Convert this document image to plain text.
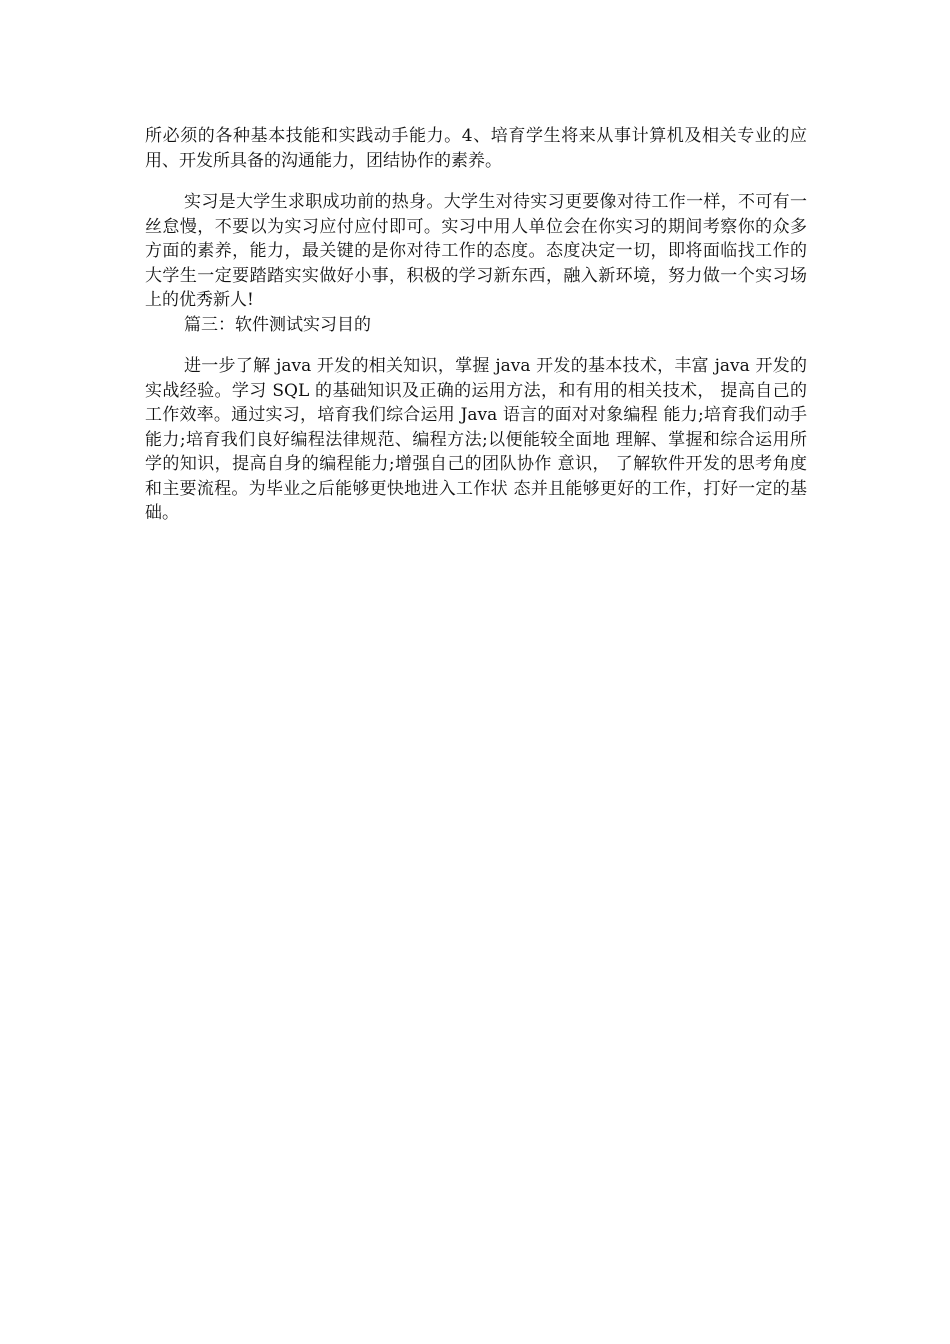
所必须的各种基本技能和实践动手能力。4、培育学生将来从事计算机及相关专业的应用、开发所具备的沟通能力，团结协作的素养。

实习是大学生求职成功前的热身。大学生对待实习更要像对待工作一样，不可有一丝怠慢，不要以为实习应付应付即可。实习中用人单位会在你实习的期间考察你的众多方面的素养，能力，最关键的是你对待工作的态度。态度决定一切，即将面临找工作的大学生一定要踏踏实实做好小事，积极的学习新东西，融入新环境，努力做一个实习场上的优秀新人!

篇三：软件测试实习目的

进一步了解 java 开发的相关知识，掌握 java 开发的基本技术，丰富 java 开发的实战经验。学习 SQL 的基础知识及正确的运用方法，和有用的相关技术， 提高自己的工作效率。通过实习，培育我们综合运用 Java 语言的面对对象编程 能力;培育我们动手能力;培育我们良好编程法律规范、编程方法;以便能较全面地 理解、掌握和综合运用所学的知识，提高自身的编程能力;增强自己的团队协作 意识， 了解软件开发的思考角度和主要流程。为毕业之后能够更快地进入工作状 态并且能够更好的工作，打好一定的基础。
